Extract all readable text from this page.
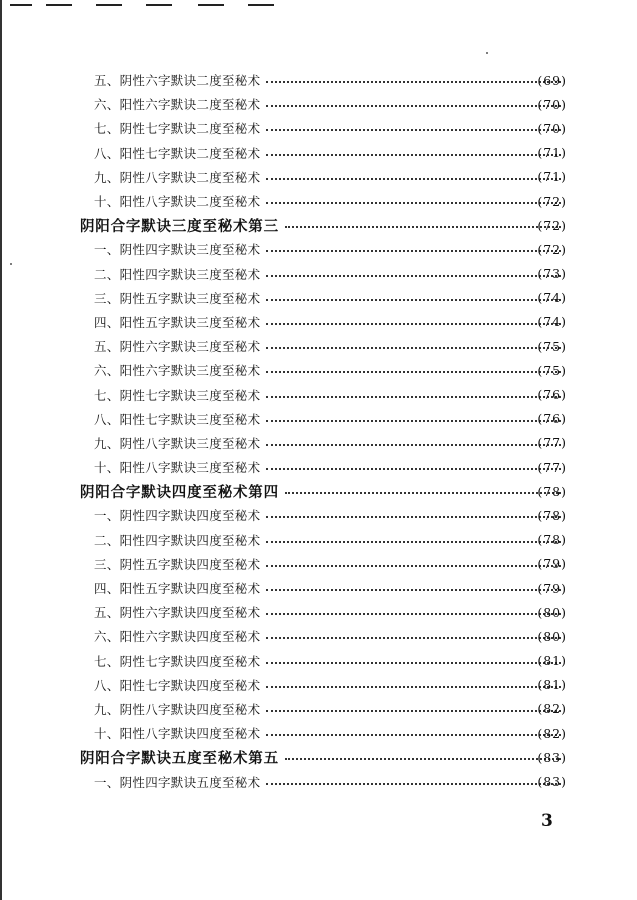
五、阴性六字默诀二度至秘术	(69)
六、阳性六字默诀二度至秘术	(70)
七、阴性七字默诀二度至秘术	(70)
八、阳性七字默诀二度至秘术	(71)
九、阴性八字默诀二度至秘术	(71)
十、阳性八字默诀二度至秘术	(72)
阴阳合字默诀三度至秘术第三	(72)
一、阴性四字默诀三度至秘术	(72)
二、阳性四字默诀三度至秘术	(73)
三、阴性五字默诀三度至秘术	(74)
四、阳性五字默诀三度至秘术	(74)
五、阴性六字默诀三度至秘术	(75)
六、阳性六字默诀三度至秘术	(75)
七、阴性七字默诀三度至秘术	(76)
八、阳性七字默诀三度至秘术	(76)
九、阴性八字默诀三度至秘术	(77)
十、阳性八字默诀三度至秘术	(77)
阴阳合字默诀四度至秘术第四	(78)
一、阴性四字默诀四度至秘术	(78)
二、阳性四字默诀四度至秘术	(78)
三、阴性五字默诀四度至秘术	(79)
四、阳性五字默诀四度至秘术	(79)
五、阴性六字默诀四度至秘术	(80)
六、阳性六字默诀四度至秘术	(80)
七、阴性七字默诀四度至秘术	(81)
八、阳性七字默诀四度至秘术	(81)
九、阴性八字默诀四度至秘术	(82)
十、阳性八字默诀四度至秘术	(82)
阴阳合字默诀五度至秘术第五	(83)
一、阴性四字默诀五度至秘术	(83)
3
